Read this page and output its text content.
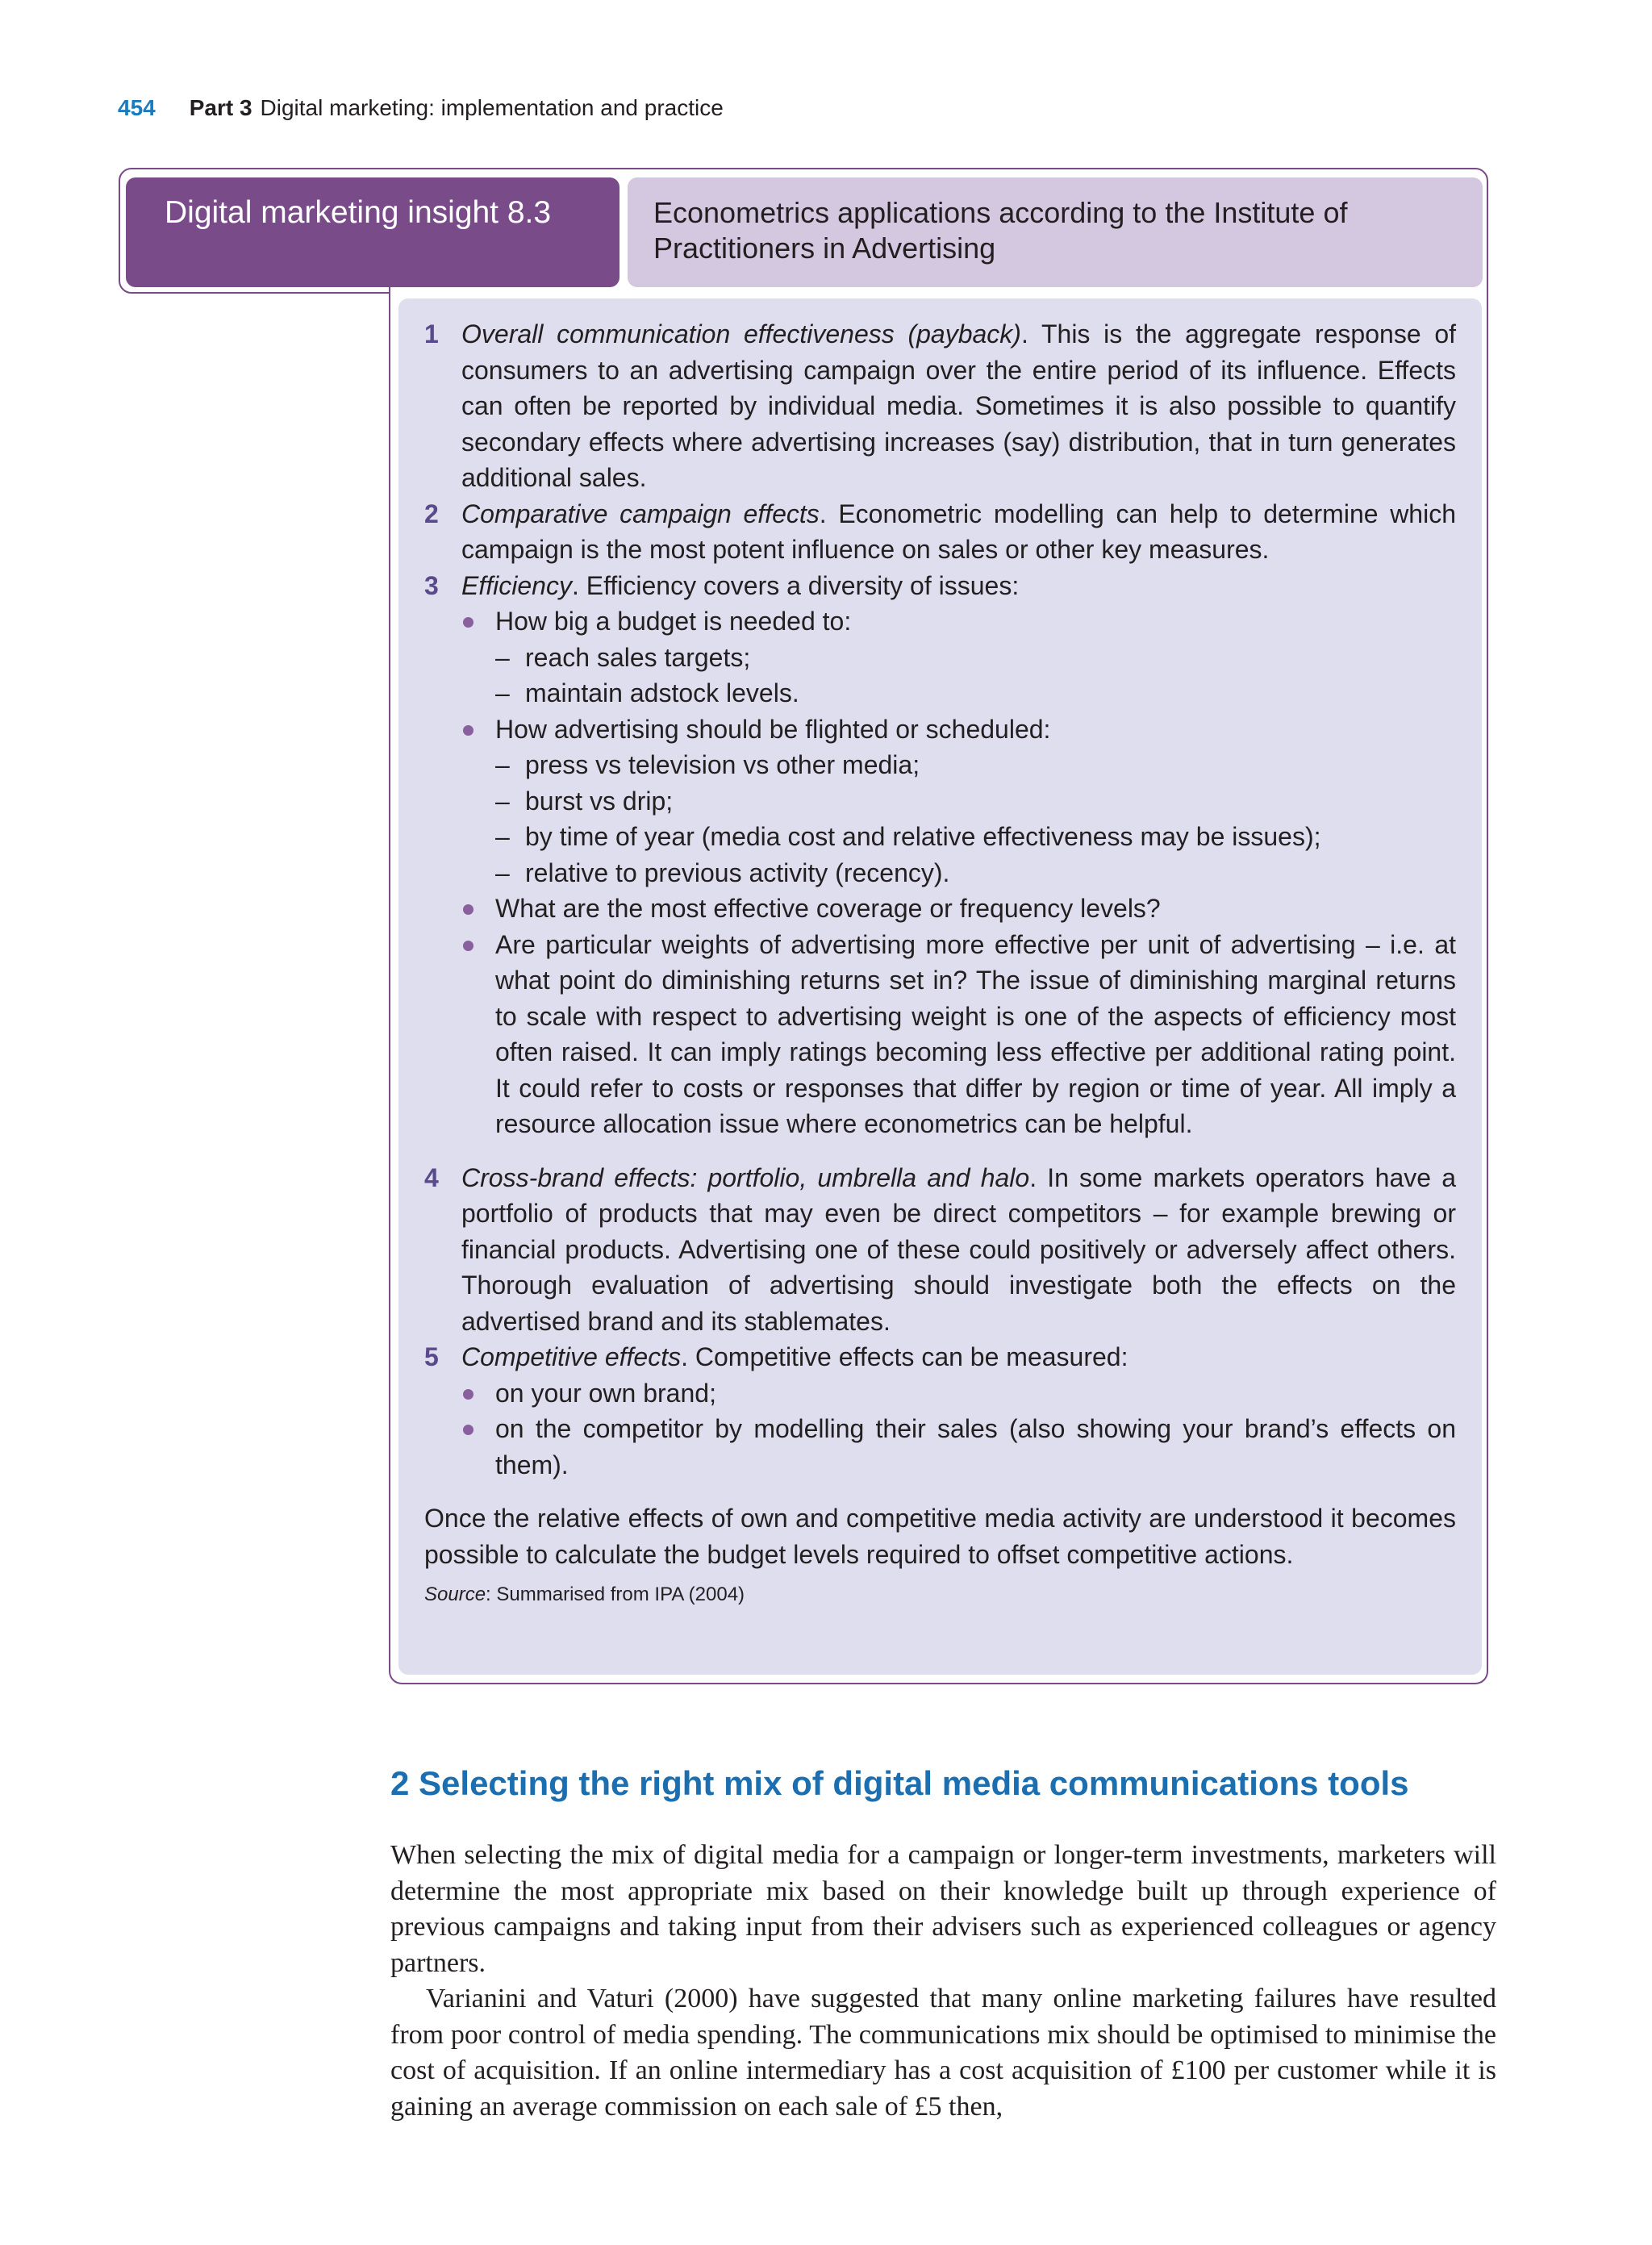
454 Part 3 Digital marketing: implementation and practice
Digital marketing insight 8.3	Econometrics applications according to the Institute of Practitioners in Advertising
1 Overall communication effectiveness (payback). This is the aggregate response of consumers to an advertising campaign over the entire period of its influence. Effects can often be reported by individual media. Sometimes it is also possible to quantify secondary effects where advertising increases (say) distribution, that in turn generates additional sales.
2 Comparative campaign effects. Econometric modelling can help to determine which campaign is the most potent influence on sales or other key measures.
3 Efficiency. Efficiency covers a diversity of issues:
How big a budget is needed to:
– reach sales targets;
– maintain adstock levels.
How advertising should be flighted or scheduled:
– press vs television vs other media;
– burst vs drip;
– by time of year (media cost and relative effectiveness may be issues);
– relative to previous activity (recency).
What are the most effective coverage or frequency levels?
Are particular weights of advertising more effective per unit of advertising – i.e. at what point do diminishing returns set in? The issue of diminishing marginal returns to scale with respect to advertising weight is one of the aspects of efficiency most often raised. It can imply ratings becoming less effective per additional rating point. It could refer to costs or responses that differ by region or time of year. All imply a resource allocation issue where econometrics can be helpful.
4 Cross-brand effects: portfolio, umbrella and halo. In some markets operators have a portfolio of products that may even be direct competitors – for example brewing or financial products. Advertising one of these could positively or adversely affect others. Thorough evaluation of advertising should investigate both the effects on the advertised brand and its stablemates.
5 Competitive effects. Competitive effects can be measured:
on your own brand;
on the competitor by modelling their sales (also showing your brand’s effects on them).
Once the relative effects of own and competitive media activity are understood it becomes possible to calculate the budget levels required to offset competitive actions.
Source: Summarised from IPA (2004)
2 Selecting the right mix of digital media communications tools

When selecting the mix of digital media for a campaign or longer-term investments, marketers will determine the most appropriate mix based on their knowledge built up through experience of previous campaigns and taking input from their advisers such as experienced colleagues or agency partners.

Varianini and Vaturi (2000) have suggested that many online marketing failures have resulted from poor control of media spending. The communications mix should be optimised to minimise the cost of acquisition. If an online intermediary has a cost acquisition of £100 per customer while it is gaining an average commission on each sale of £5 then,
